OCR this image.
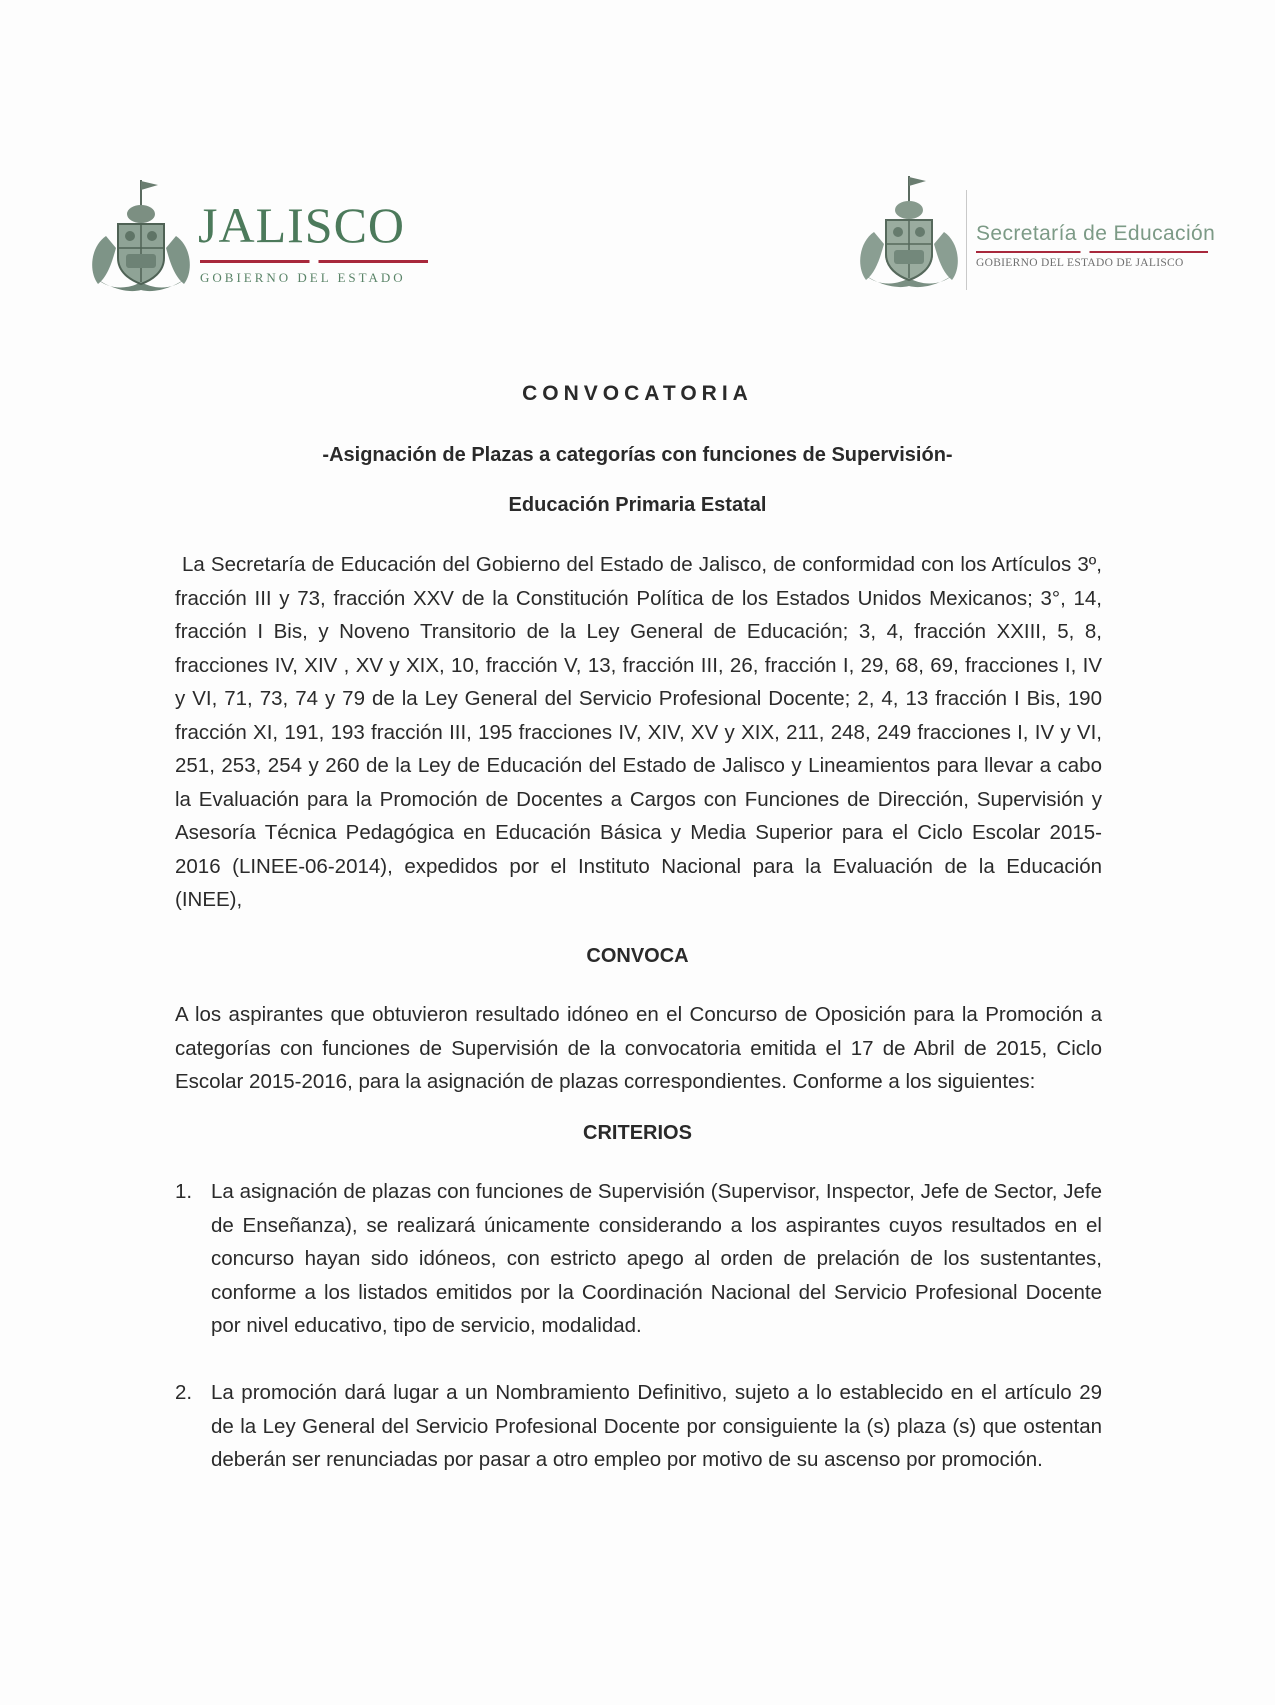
JALISCO
GOBIERNO DEL ESTADO
Secretaría de Educación
GOBIERNO DEL ESTADO DE JALISCO
CONVOCATORIA
-Asignación de Plazas a categorías con funciones de Supervisión-
Educación Primaria Estatal

La Secretaría de Educación del Gobierno del Estado de Jalisco, de conformidad con los Artículos 3º, fracción III y 73, fracción XXV de la Constitución Política de los Estados Unidos Mexicanos; 3°, 14, fracción I Bis, y Noveno Transitorio de la Ley General de Educación; 3, 4, fracción XXIII, 5, 8, fracciones IV, XIV , XV y XIX, 10, fracción V, 13, fracción III, 26, fracción I, 29, 68, 69, fracciones I, IV y VI, 71, 73, 74 y 79 de la Ley General del Servicio Profesional Docente; 2, 4, 13 fracción I Bis, 190 fracción XI, 191, 193 fracción III, 195 fracciones IV, XIV, XV y XIX, 211, 248, 249 fracciones I, IV y VI, 251, 253, 254 y 260 de la Ley de Educación del Estado de Jalisco y Lineamientos para llevar a cabo la Evaluación para la Promoción de Docentes a Cargos con Funciones de Dirección, Supervisión y Asesoría Técnica Pedagógica en Educación Básica y Media Superior para el Ciclo Escolar 2015-2016 (LINEE-06-2014), expedidos por el Instituto Nacional para la Evaluación de la Educación (INEE),

CONVOCA

A los aspirantes que obtuvieron resultado idóneo en el Concurso de Oposición para la Promoción a categorías con funciones de Supervisión de la convocatoria emitida el 17 de Abril de 2015, Ciclo Escolar 2015-2016, para la asignación de plazas correspondientes. Conforme a los siguientes:

CRITERIOS
1. La asignación de plazas con funciones de Supervisión (Supervisor, Inspector, Jefe de Sector, Jefe de Enseñanza), se realizará únicamente considerando a los aspirantes cuyos resultados en el concurso hayan sido idóneos, con estricto apego al orden de prelación de los sustentantes, conforme a los listados emitidos por la Coordinación Nacional del Servicio Profesional Docente por nivel educativo, tipo de servicio, modalidad.
2. La promoción dará lugar a un Nombramiento Definitivo, sujeto a lo establecido en el artículo 29 de la Ley General del Servicio Profesional Docente por consiguiente la (s) plaza (s) que ostentan deberán ser renunciadas por pasar a otro empleo por motivo de su ascenso por promoción.
